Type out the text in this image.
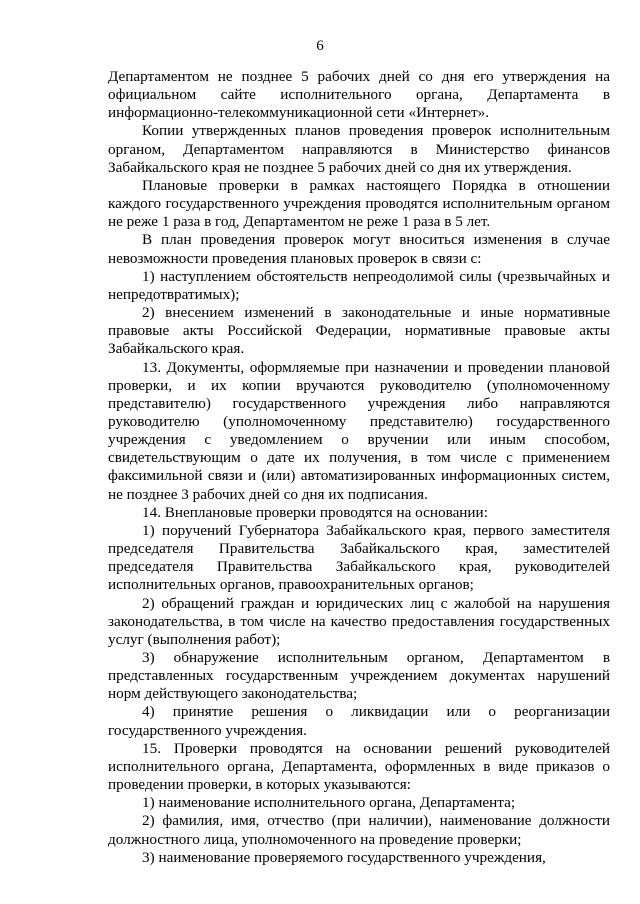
6

Департаментом не позднее 5 рабочих дней со дня его утверждения на официальном сайте исполнительного органа, Департамента в информационно-телекоммуникационной сети «Интернет».

Копии утвержденных планов проведения проверок исполнительным органом, Департаментом направляются в Министерство финансов Забайкальского края не позднее 5 рабочих дней со дня их утверждения.

Плановые проверки в рамках настоящего Порядка в отношении каждого государственного учреждения проводятся исполнительным органом не реже 1 раза в год, Департаментом не реже 1 раза в 5 лет.

В план проведения проверок могут вноситься изменения в случае невозможности проведения плановых проверок в связи с:

1) наступлением обстоятельств непреодолимой силы (чрезвычайных и непредотвратимых);

2) внесением изменений в законодательные и иные нормативные правовые акты Российской Федерации, нормативные правовые акты Забайкальского края.

13. Документы, оформляемые при назначении и проведении плановой проверки, и их копии вручаются руководителю (уполномоченному представителю) государственного учреждения либо направляются руководителю (уполномоченному представителю) государственного учреждения с уведомлением о вручении или иным способом, свидетельствующим о дате их получения, в том числе с применением факсимильной связи и (или) автоматизированных информационных систем, не позднее 3 рабочих дней со дня их подписания.

14. Внеплановые проверки проводятся на основании:

1) поручений Губернатора Забайкальского края, первого заместителя председателя Правительства Забайкальского края, заместителей председателя Правительства Забайкальского края, руководителей исполнительных органов, правоохранительных органов;

2) обращений граждан и юридических лиц с жалобой на нарушения законодательства, в том числе на качество предоставления государственных услуг (выполнения работ);

3) обнаружение исполнительным органом, Департаментом в представленных государственным учреждением документах нарушений норм действующего законодательства;

4) принятие решения о ликвидации или о реорганизации государственного учреждения.

15. Проверки проводятся на основании решений руководителей исполнительного органа, Департамента, оформленных в виде приказов о проведении проверки, в которых указываются:

1) наименование исполнительного органа, Департамента;

2) фамилия, имя, отчество (при наличии), наименование должности должностного лица, уполномоченного на проведение проверки;

3) наименование проверяемого государственного учреждения,
